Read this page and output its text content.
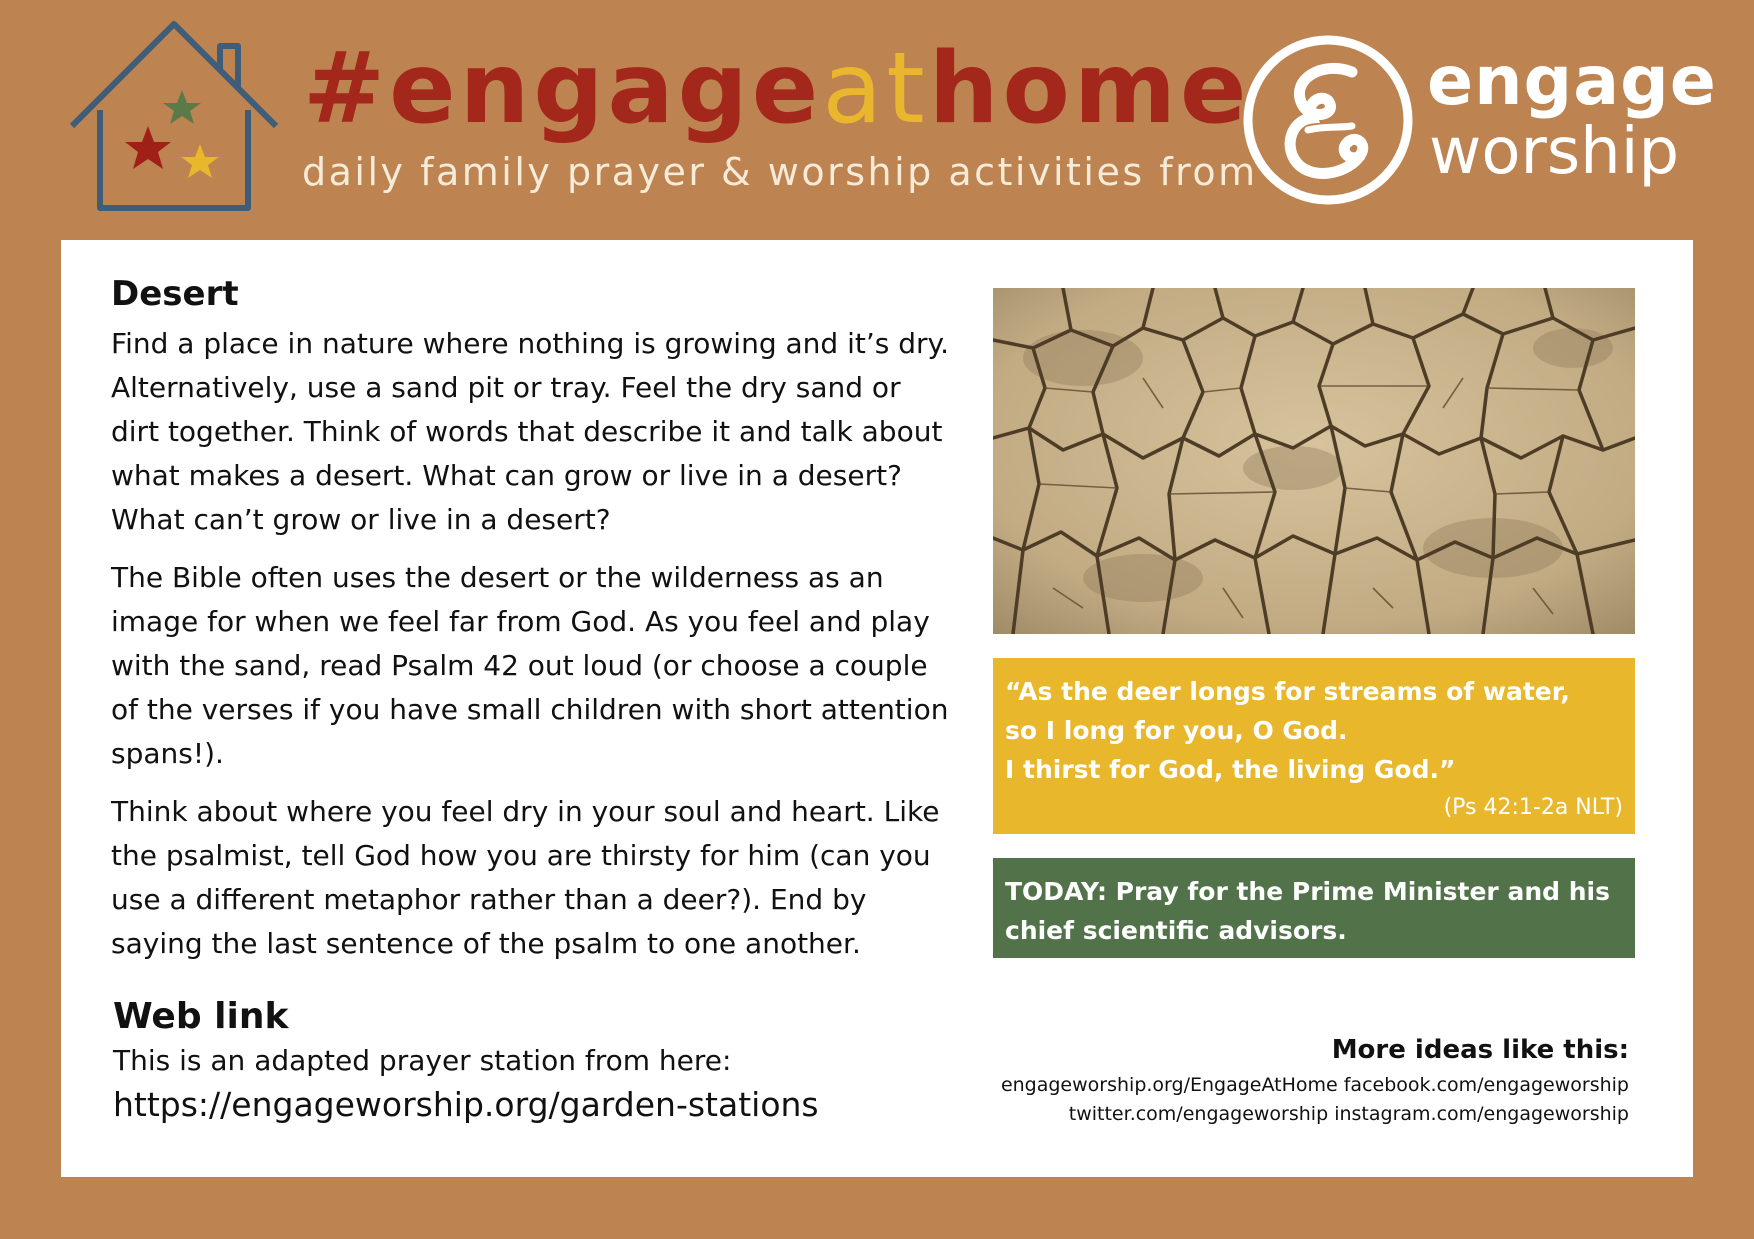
#engageathome
daily family prayer & worship activities from
engage
worship
Desert

Find a place in nature where nothing is growing and it’s dry. Alternatively, use a sand pit or tray. Feel the dry sand or dirt together. Think of words that describe it and talk about what makes a desert. What can grow or live in a desert? What can’t grow or live in a desert?

The Bible often uses the desert or the wilderness as an image for when we feel far from God. As you feel and play with the sand, read Psalm 42 out loud (or choose a couple of the verses if you have small children with short attention spans!).

Think about where you feel dry in your soul and heart. Like the psalmist, tell God how you are thirsty for him (can you use a different metaphor rather than a deer?). End by saying the last sentence of the psalm to one another.

Web link
This is an adapted prayer station from here:
https://engageworship.org/garden-stations
“As the deer longs for streams of water,
so I long for you, O God.
I thirst for God, the living God.”
(Ps 42:1-2a NLT)
TODAY: Pray for the Prime Minister and his chief scientific advisors.
More ideas like this:
engageworship.org/EngageAtHome facebook.com/engageworship
twitter.com/engageworship instagram.com/engageworship
